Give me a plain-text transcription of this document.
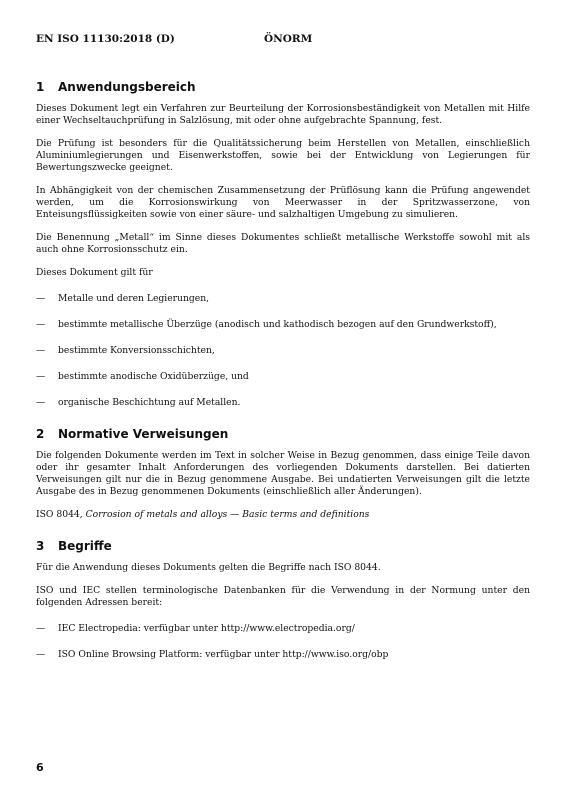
EN ISO 11130:2018 (D)	ÖNORM
1 Anwendungsbereich

Dieses Dokument legt ein Verfahren zur Beurteilung der Korrosionsbeständigkeit von Metallen mit Hilfe einer Wechseltauchprüfung in Salzlösung, mit oder ohne aufgebrachte Spannung, fest.

Die Prüfung ist besonders für die Qualitätssicherung beim Herstellen von Metallen, einschließlich Aluminiumlegierungen und Eisenwerkstoffen, sowie bei der Entwicklung von Legierungen für Bewertungszwecke geeignet.

In Abhängigkeit von der chemischen Zusammensetzung der Prüflösung kann die Prüfung angewendet werden, um die Korrosionswirkung von Meerwasser in der Spritzwasserzone, von Enteisungsflüssigkeiten sowie von einer säure- und salzhaltigen Umgebung zu simulieren.

Die Benennung „Metall“ im Sinne dieses Dokumentes schließt metallische Werkstoffe sowohl mit als auch ohne Korrosionsschutz ein.

Dieses Dokument gilt für

— Metalle und deren Legierungen,
— bestimmte metallische Überzüge (anodisch und kathodisch bezogen auf den Grundwerkstoff),
— bestimmte Konversionsschichten,
— bestimmte anodische Oxidüberzüge, und
— organische Beschichtung auf Metallen.
2 Normative Verweisungen

Die folgenden Dokumente werden im Text in solcher Weise in Bezug genommen, dass einige Teile davon oder ihr gesamter Inhalt Anforderungen des vorliegenden Dokuments darstellen. Bei datierten Verweisungen gilt nur die in Bezug genommene Ausgabe. Bei undatierten Verweisungen gilt die letzte Ausgabe des in Bezug genommenen Dokuments (einschließlich aller Änderungen).

ISO 8044, Corrosion of metals and alloys — Basic terms and definitions

3 Begriffe

Für die Anwendung dieses Dokuments gelten die Begriffe nach ISO 8044.

ISO und IEC stellen terminologische Datenbanken für die Verwendung in der Normung unter den folgenden Adressen bereit:

— IEC Electropedia: verfügbar unter http://www.electropedia.org/
— ISO Online Browsing Platform: verfügbar unter http://www.iso.org/obp
6
